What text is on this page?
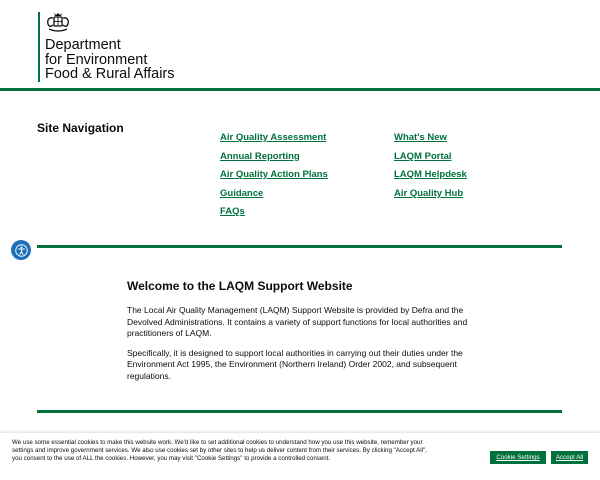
Department
for Environment
Food & Rural Affairs
Site Navigation
Air Quality Assessment
Annual Reporting
Air Quality Action Plans
Guidance
FAQs
What's New
LAQM Portal
LAQM Helpdesk
Air Quality Hub
Welcome to the LAQM Support Website

The Local Air Quality Management (LAQM) Support Website is provided by Defra and the Devolved Administrations. It contains a variety of support functions for local authorities and practitioners of LAQM.

Specifically, it is designed to support local authorities in carrying out their duties under the Environment Act 1995, the Environment (Northern Ireland) Order 2002, and subsequent regulations.

We use some essential cookies to make this website work. We'd like to set additional cookies to understand how you use this website, remember your settings and improve government services. We also use cookies set by other sites to help us deliver content from their services. By clicking "Accept All", you consent to the use of ALL the cookies. However, you may visit "Cookie Settings" to provide a controlled consent.	Cookie Settings	Accept All
